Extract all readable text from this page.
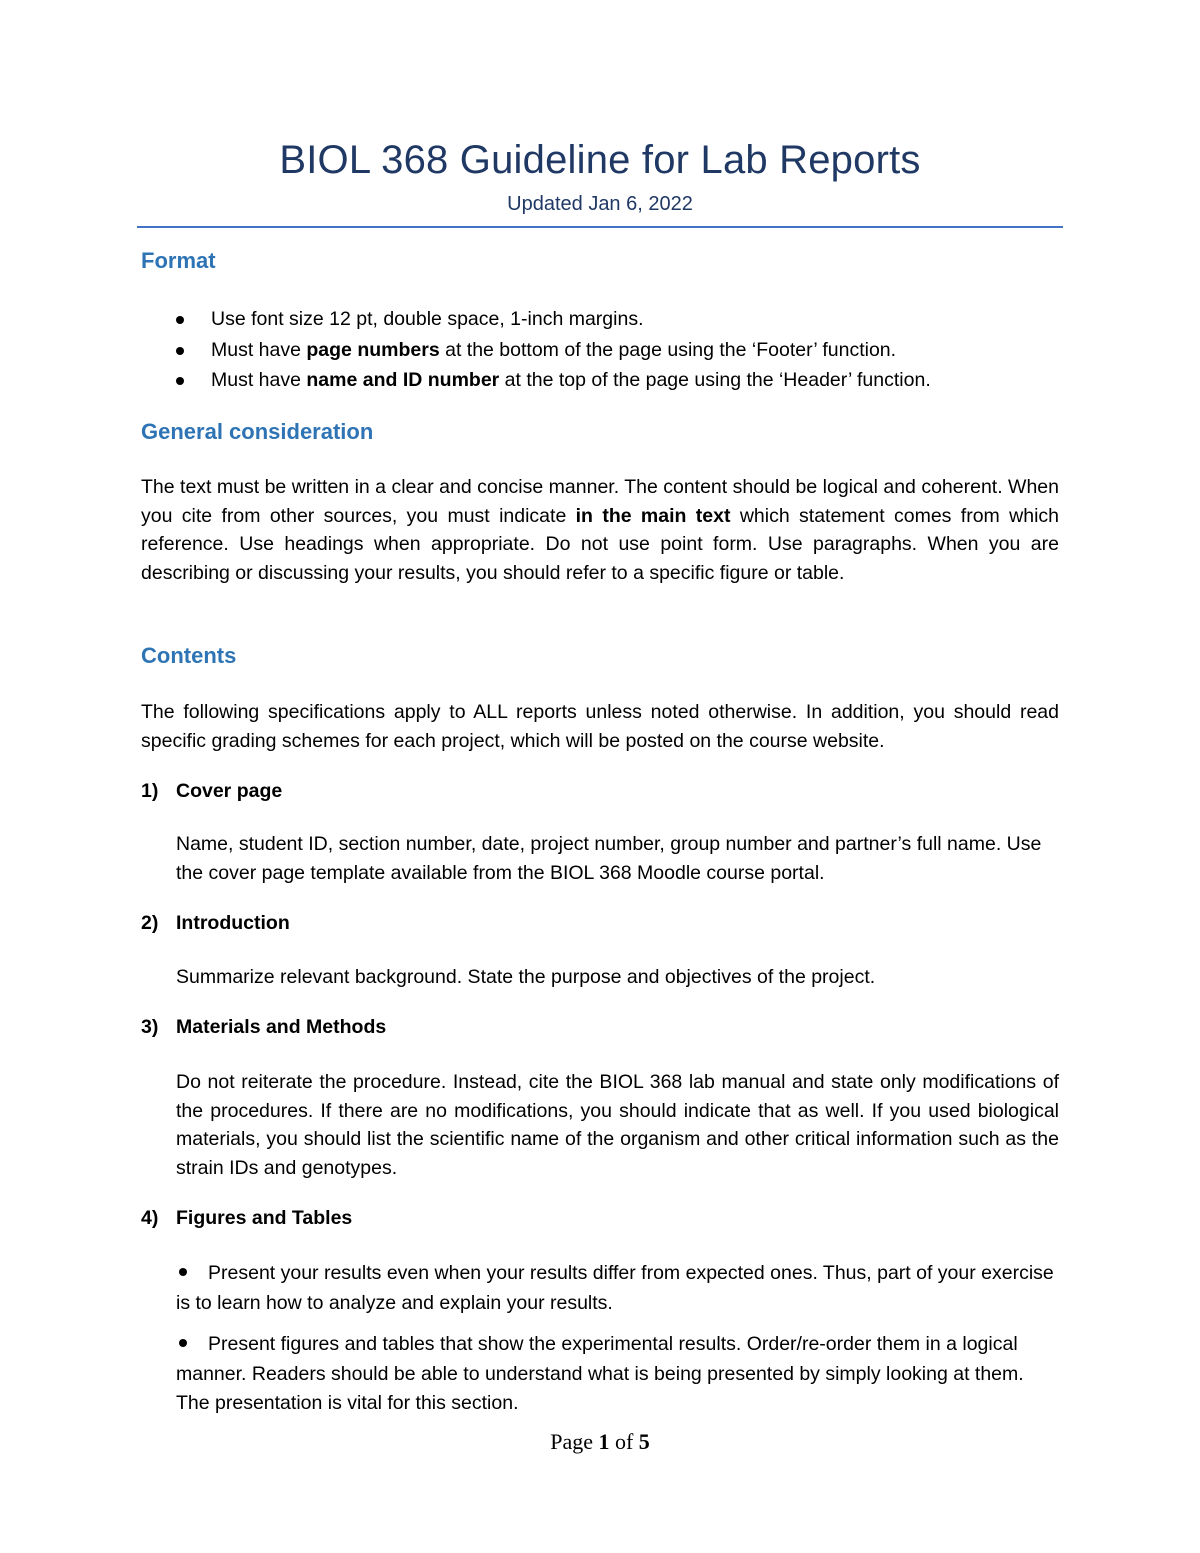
BIOL 368 Guideline for Lab Reports
Updated Jan 6, 2022
Format
Use font size 12 pt, double space, 1-inch margins.
Must have page numbers at the bottom of the page using the ‘Footer’ function.
Must have name and ID number at the top of the page using the ‘Header’ function.
General consideration

The text must be written in a clear and concise manner. The content should be logical and coherent. When you cite from other sources, you must indicate in the main text which statement comes from which reference. Use headings when appropriate. Do not use point form. Use paragraphs. When you are describing or discussing your results, you should refer to a specific figure or table.

Contents

The following specifications apply to ALL reports unless noted otherwise. In addition, you should read specific grading schemes for each project, which will be posted on the course website.

1) Cover page

Name, student ID, section number, date, project number, group number and partner’s full name. Use the cover page template available from the BIOL 368 Moodle course portal.

2) Introduction

Summarize relevant background. State the purpose and objectives of the project.

3) Materials and Methods

Do not reiterate the procedure. Instead, cite the BIOL 368 lab manual and state only modifications of the procedures. If there are no modifications, you should indicate that as well. If you used biological materials, you should list the scientific name of the organism and other critical information such as the strain IDs and genotypes.

4) Figures and Tables

Present your results even when your results differ from expected ones. Thus, part of your exercise is to learn how to analyze and explain your results.

Present figures and tables that show the experimental results. Order/re-order them in a logical manner. Readers should be able to understand what is being presented by simply looking at them. The presentation is vital for this section.

Page 1 of 5
